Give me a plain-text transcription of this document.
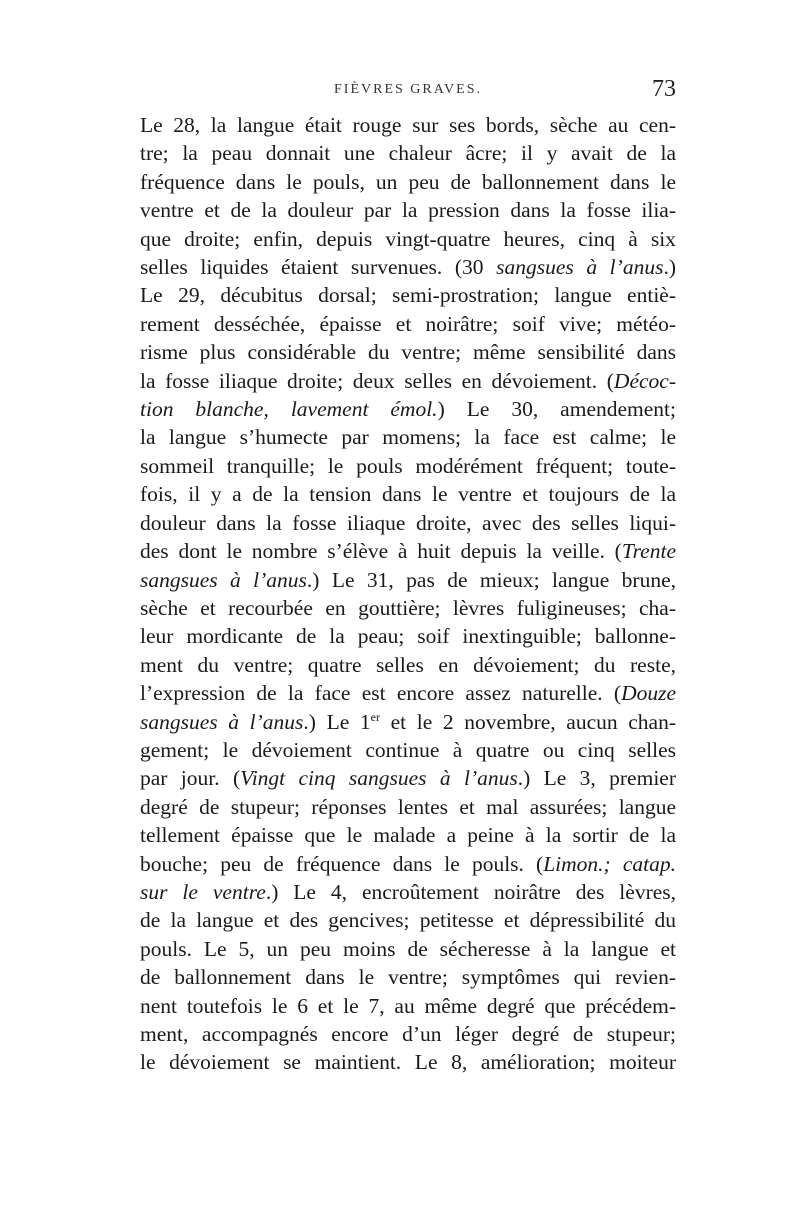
FIÈVRES GRAVES.	73
Le 28, la langue était rouge sur ses bords, sèche au cen-
tre; la peau donnait une chaleur âcre; il y avait de la
fréquence dans le pouls, un peu de ballonnement dans le
ventre et de la douleur par la pression dans la fosse ilia-
que droite; enfin, depuis vingt-quatre heures, cinq à six
selles liquides étaient survenues. (30 sangsues à l’anus.)
Le 29, décubitus dorsal; semi-prostration; langue entiè-
rement desséchée, épaisse et noirâtre; soif vive; météo-
risme plus considérable du ventre; même sensibilité dans
la fosse iliaque droite; deux selles en dévoiement. (Décoc-
tion blanche, lavement émol.) Le 30, amendement;
la langue s’humecte par momens; la face est calme; le
sommeil tranquille; le pouls modérément fréquent; toute-
fois, il y a de la tension dans le ventre et toujours de la
douleur dans la fosse iliaque droite, avec des selles liqui-
des dont le nombre s’élève à huit depuis la veille. (Trente
sangsues à l’anus.) Le 31, pas de mieux; langue brune,
sèche et recourbée en gouttière; lèvres fuligineuses; cha-
leur mordicante de la peau; soif inextinguible; ballonne-
ment du ventre; quatre selles en dévoiement; du reste,
l’expression de la face est encore assez naturelle. (Douze
sangsues à l’anus.) Le 1er et le 2 novembre, aucun chan-
gement; le dévoiement continue à quatre ou cinq selles
par jour. (Vingt cinq sangsues à l’anus.) Le 3, premier
degré de stupeur; réponses lentes et mal assurées; langue
tellement épaisse que le malade a peine à la sortir de la
bouche; peu de fréquence dans le pouls. (Limon.; catap.
sur le ventre.) Le 4, encroûtement noirâtre des lèvres,
de la langue et des gencives; petitesse et dépressibilité du
pouls. Le 5, un peu moins de sécheresse à la langue et
de ballonnement dans le ventre; symptômes qui revien-
nent toutefois le 6 et le 7, au même degré que précédem-
ment, accompagnés encore d’un léger degré de stupeur;
le dévoiement se maintient. Le 8, amélioration; moiteur
